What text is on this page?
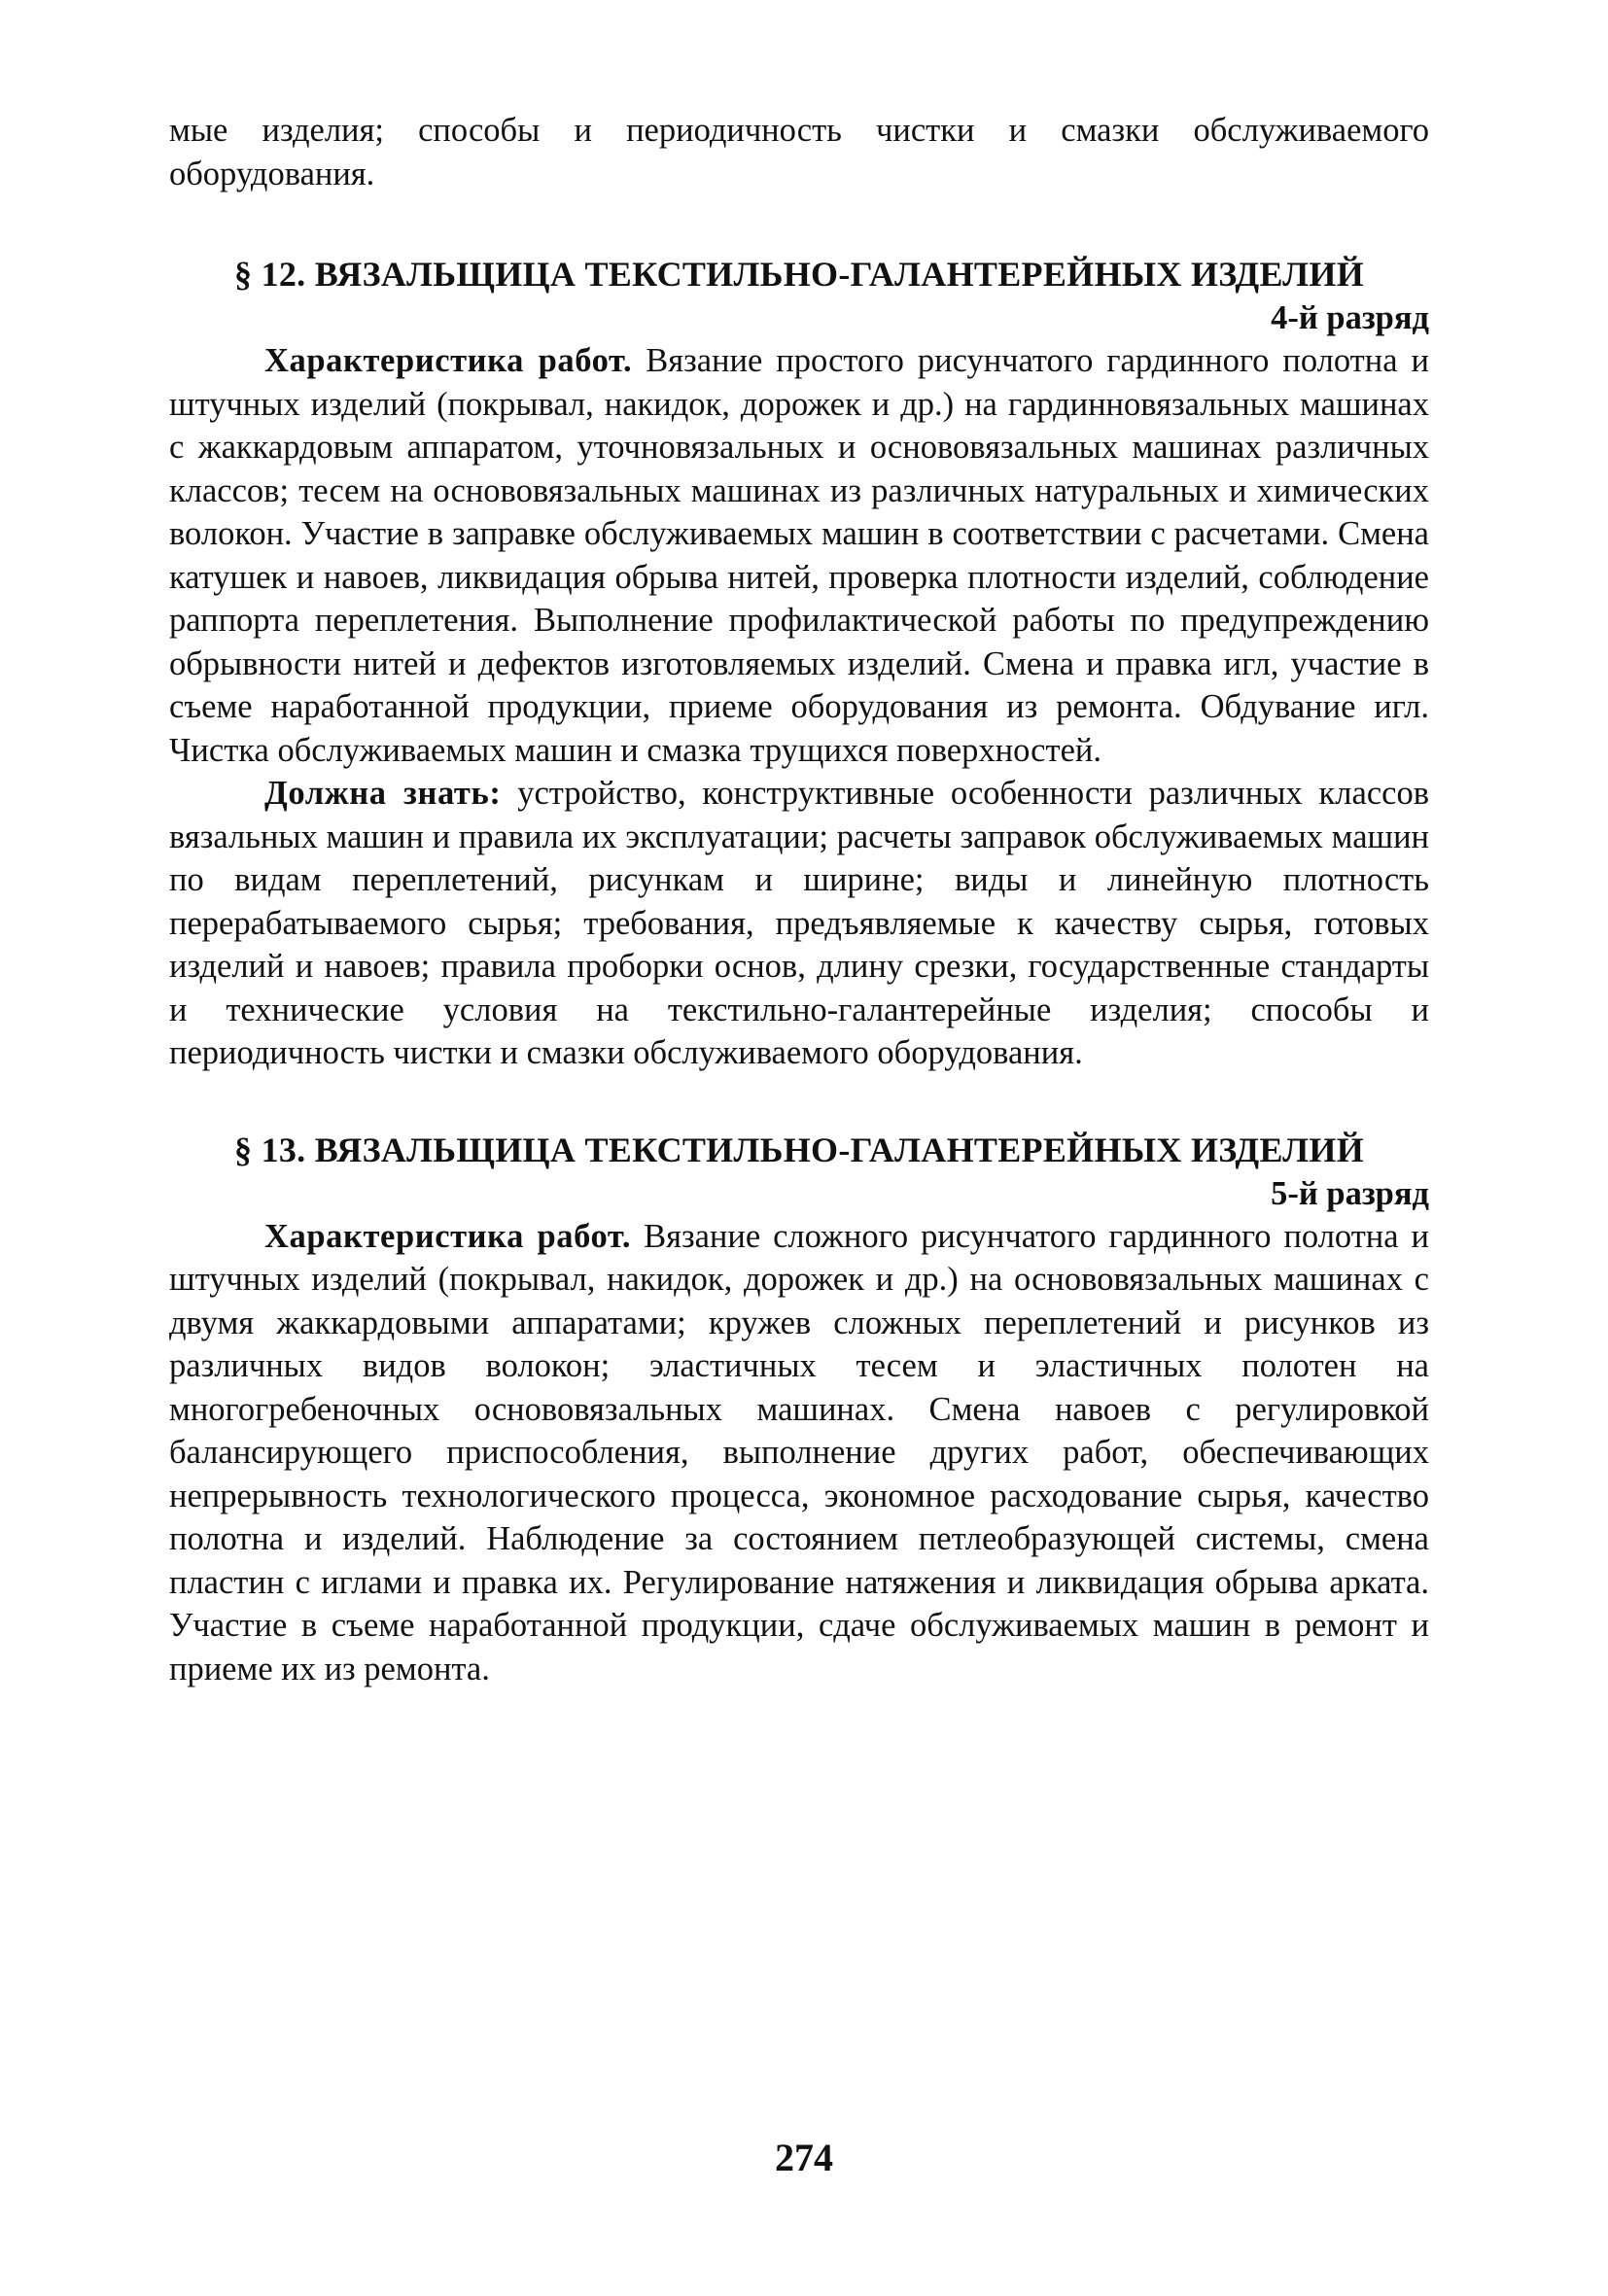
мые изделия; способы и периодичность чистки и смазки обслуживаемого оборудования.

§ 12. ВЯЗАЛЬЩИЦА ТЕКСТИЛЬНО-ГАЛАНТЕРЕЙНЫХ ИЗДЕЛИЙ
4-й разряд

Характеристика работ. Вязание простого рисунчатого гардинного полотна и штучных изделий (покрывал, накидок, дорожек и др.) на гардинновязальных машинах с жаккардовым аппаратом, уточновязальных и основовязальных машинах различных классов; тесем на основовязальных машинах из различных натуральных и химических волокон. Участие в заправке обслуживаемых машин в соответствии с расчетами. Смена катушек и навоев, ликвидация обрыва нитей, проверка плотности изделий, соблюдение раппорта переплетения. Выполнение профилактической работы по предупреждению обрывности нитей и дефектов изготовляемых изделий. Смена и правка игл, участие в съеме наработанной продукции, приеме оборудования из ремонта. Обдувание игл. Чистка обслуживаемых машин и смазка трущихся поверхностей.

Должна знать: устройство, конструктивные особенности различных классов вязальных машин и правила их эксплуатации; расчеты заправок обслуживаемых машин по видам переплетений, рисункам и ширине; виды и линейную плотность перерабатываемого сырья; требования, предъявляемые к качеству сырья, готовых изделий и навоев; правила проборки основ, длину срезки, государственные стандарты и технические условия на текстильно-галантерейные изделия; способы и периодичность чистки и смазки обслуживаемого оборудования.

§ 13. ВЯЗАЛЬЩИЦА ТЕКСТИЛЬНО-ГАЛАНТЕРЕЙНЫХ ИЗДЕЛИЙ
5-й разряд

Характеристика работ. Вязание сложного рисунчатого гардинного полотна и штучных изделий (покрывал, накидок, дорожек и др.) на основовязальных машинах с двумя жаккардовыми аппаратами; кружев сложных переплетений и рисунков из различных видов волокон; эластичных тесем и эластичных полотен на многогребеночных основовязальных машинах. Смена навоев с регулировкой балансирующего приспособления, выполнение других работ, обеспечивающих непрерывность технологического процесса, экономное расходование сырья, качество полотна и изделий. Наблюдение за состоянием петлеобразующей системы, смена пластин с иглами и правка их. Регулирование натяжения и ликвидация обрыва арката. Участие в съеме наработанной продукции, сдаче обслуживаемых машин в ремонт и приеме их из ремонта.

274
